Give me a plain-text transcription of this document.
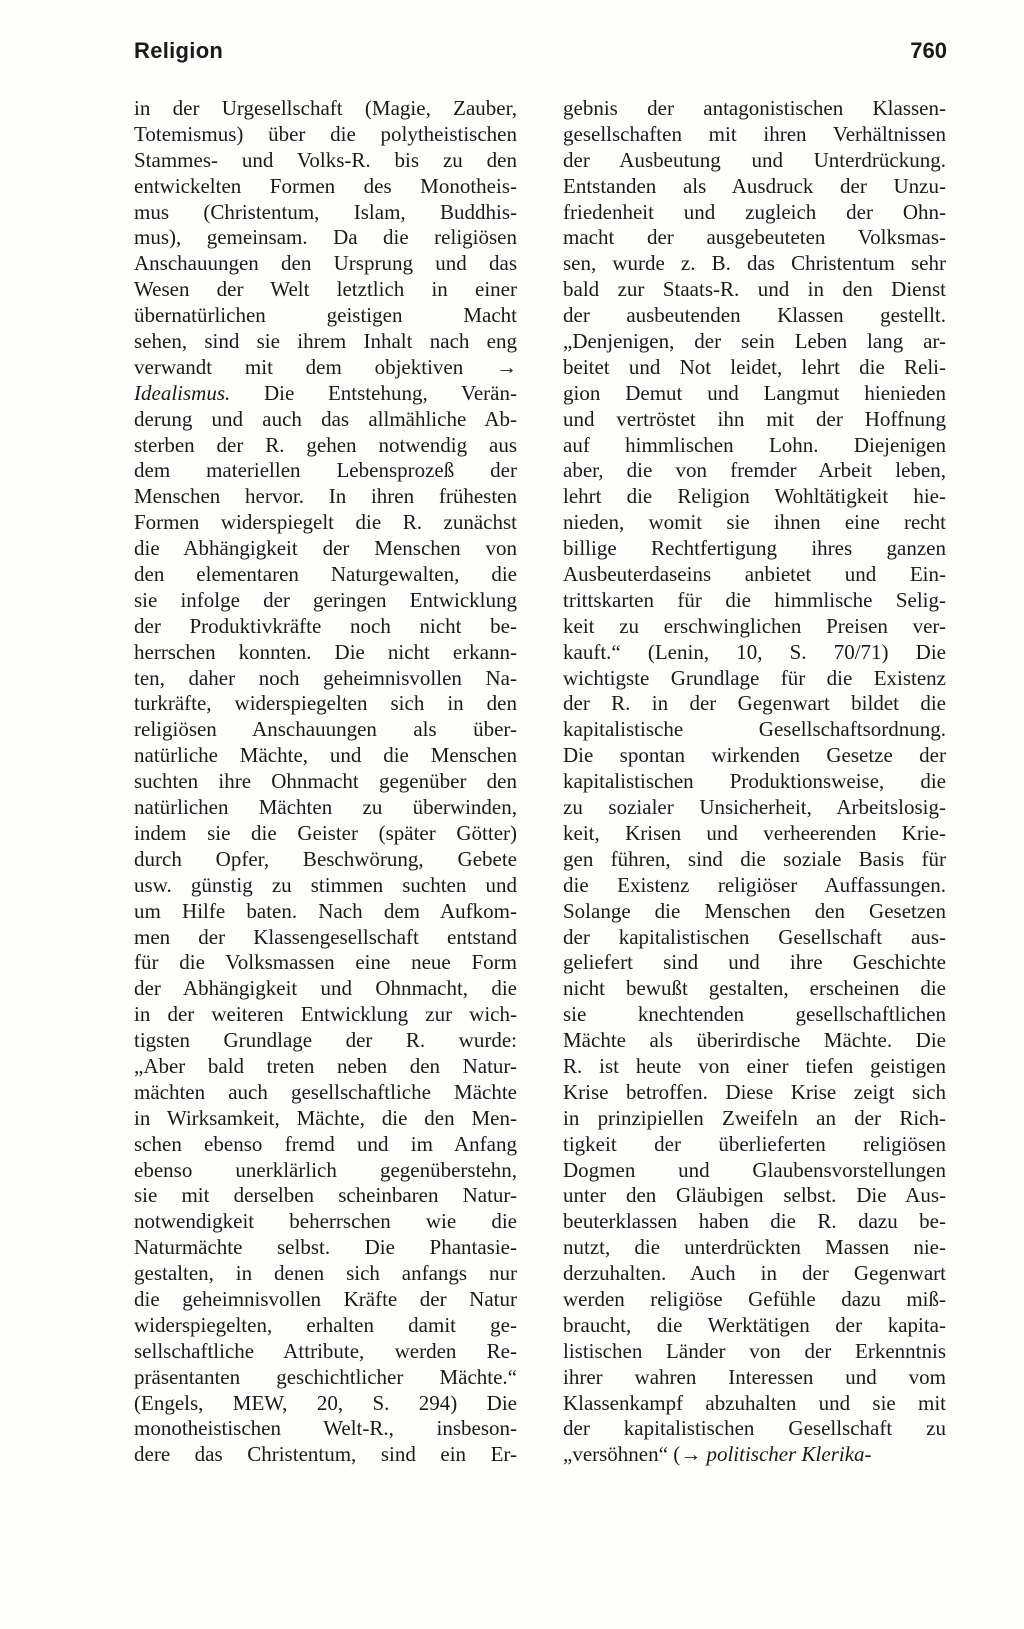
Religion	760
in der Urgesellschaft (Magie, Zauber,
Totemismus) über die polytheistischen
Stammes- und Volks-R. bis zu den
entwickelten Formen des Monotheis-
mus (Christentum, Islam, Buddhis-
mus), gemeinsam. Da die religiösen
Anschauungen den Ursprung und das
Wesen der Welt letztlich in einer
übernatürlichen geistigen Macht
sehen, sind sie ihrem Inhalt nach eng
verwandt mit dem objektiven →
Idealismus. Die Entstehung, Verän-
derung und auch das allmähliche Ab-
sterben der R. gehen notwendig aus
dem materiellen Lebensprozeß der
Menschen hervor. In ihren frühesten
Formen widerspiegelt die R. zunächst
die Abhängigkeit der Menschen von
den elementaren Naturgewalten, die
sie infolge der geringen Entwicklung
der Produktivkräfte noch nicht be-
herrschen konnten. Die nicht erkann-
ten, daher noch geheimnisvollen Na-
turkräfte, widerspiegelten sich in den
religiösen Anschauungen als über-
natürliche Mächte, und die Menschen
suchten ihre Ohnmacht gegenüber den
natürlichen Mächten zu überwinden,
indem sie die Geister (später Götter)
durch Opfer, Beschwörung, Gebete
usw. günstig zu stimmen suchten und
um Hilfe baten. Nach dem Aufkom-
men der Klassengesellschaft entstand
für die Volksmassen eine neue Form
der Abhängigkeit und Ohnmacht, die
in der weiteren Entwicklung zur wich-
tigsten Grundlage der R. wurde:
„Aber bald treten neben den Natur-
mächten auch gesellschaftliche Mächte
in Wirksamkeit, Mächte, die den Men-
schen ebenso fremd und im Anfang
ebenso unerklärlich gegenüberstehn,
sie mit derselben scheinbaren Natur-
notwendigkeit beherrschen wie die
Naturmächte selbst. Die Phantasie-
gestalten, in denen sich anfangs nur
die geheimnisvollen Kräfte der Natur
widerspiegelten, erhalten damit ge-
sellschaftliche Attribute, werden Re-
präsentanten geschichtlicher Mächte.“
(Engels, MEW, 20, S. 294) Die
monotheistischen Welt-R., insbeson-
dere das Christentum, sind ein Er-
gebnis der antagonistischen Klassen-
gesellschaften mit ihren Verhältnissen
der Ausbeutung und Unterdrückung.
Entstanden als Ausdruck der Unzu-
friedenheit und zugleich der Ohn-
macht der ausgebeuteten Volksmas-
sen, wurde z. B. das Christentum sehr
bald zur Staats-R. und in den Dienst
der ausbeutenden Klassen gestellt.
„Denjenigen, der sein Leben lang ar-
beitet und Not leidet, lehrt die Reli-
gion Demut und Langmut hienieden
und vertröstet ihn mit der Hoffnung
auf himmlischen Lohn. Diejenigen
aber, die von fremder Arbeit leben,
lehrt die Religion Wohltätigkeit hie-
nieden, womit sie ihnen eine recht
billige Rechtfertigung ihres ganzen
Ausbeuterdaseins anbietet und Ein-
trittskarten für die himmlische Selig-
keit zu erschwinglichen Preisen ver-
kauft.“ (Lenin, 10, S. 70/71) Die
wichtigste Grundlage für die Existenz
der R. in der Gegenwart bildet die
kapitalistische Gesellschaftsordnung.
Die spontan wirkenden Gesetze der
kapitalistischen Produktionsweise, die
zu sozialer Unsicherheit, Arbeitslosig-
keit, Krisen und verheerenden Krie-
gen führen, sind die soziale Basis für
die Existenz religiöser Auffassungen.
Solange die Menschen den Gesetzen
der kapitalistischen Gesellschaft aus-
geliefert sind und ihre Geschichte
nicht bewußt gestalten, erscheinen die
sie knechtenden gesellschaftlichen
Mächte als überirdische Mächte. Die
R. ist heute von einer tiefen geistigen
Krise betroffen. Diese Krise zeigt sich
in prinzipiellen Zweifeln an der Rich-
tigkeit der überlieferten religiösen
Dogmen und Glaubensvorstellungen
unter den Gläubigen selbst. Die Aus-
beuterklassen haben die R. dazu be-
nutzt, die unterdrückten Massen nie-
derzuhalten. Auch in der Gegenwart
werden religiöse Gefühle dazu miß-
braucht, die Werktätigen der kapita-
listischen Länder von der Erkenntnis
ihrer wahren Interessen und vom
Klassenkampf abzuhalten und sie mit
der kapitalistischen Gesellschaft zu
„versöhnen“ (→ politischer Klerika-
